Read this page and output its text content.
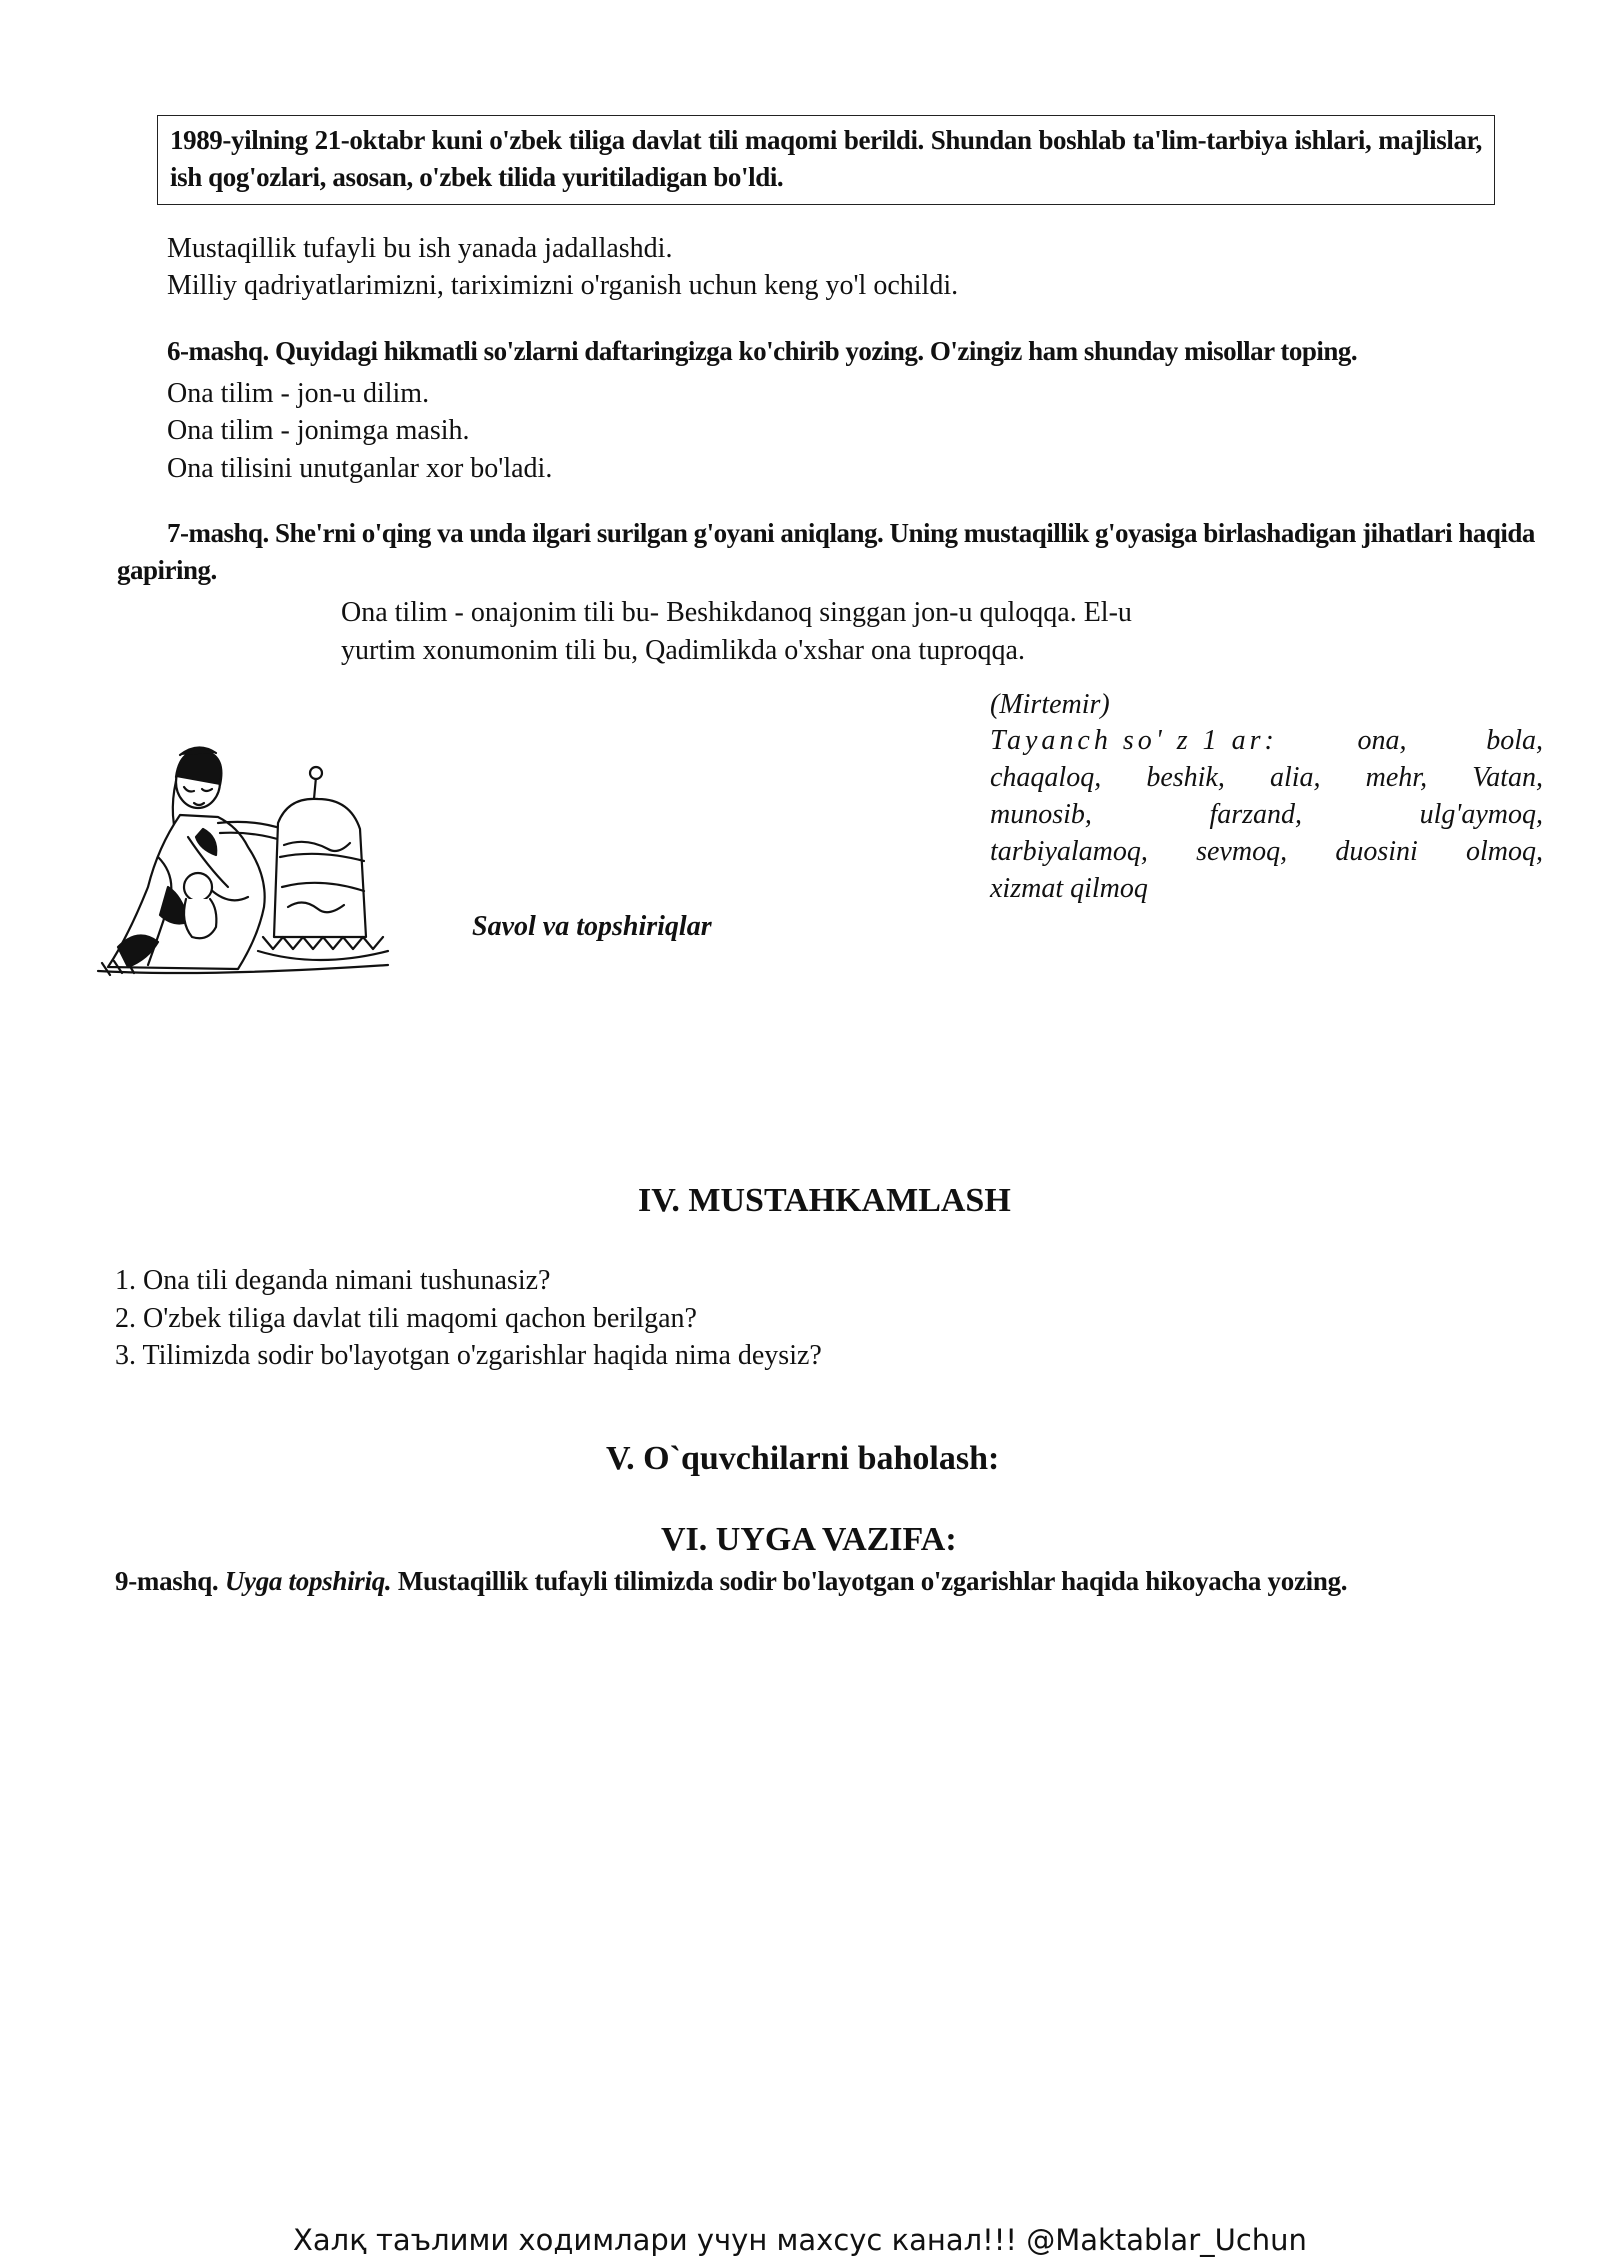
1989-yilning 21-oktabr kuni o'zbek tiliga davlat tili maqomi berildi. Shundan boshlab ta'lim-tarbiya ishlari, majlislar, ish qog'ozlari, asosan, o'zbek tilida yuritiladigan bo'ldi.
Mustaqillik tufayli bu ish yanada jadallashdi.
Milliy qadriyatlarimizni, tariximizni o'rganish uchun keng yo'l ochildi.
6-mashq. Quyidagi hikmatli so'zlarni daftaringizga ko'chirib yozing. O'zingiz ham shunday misollar toping.
Ona tilim - jon-u dilim.
Ona tilim - jonimga masih.
Ona tilisini unutganlar xor bo'ladi.
7-mashq. She'rni o'qing va unda ilgari surilgan g'oyani aniqlang. Uning mustaqillik g'oyasiga birlashadigan jihatlari haqida gapiring.
Ona tilim - onajonim tili bu- Beshikdanoq singgan jon-u quloqqa. El-u
yurtim xonumonim tili bu, Qadimlikda o'xshar ona tuproqqa.
(Mirtemir)
Tayanch so' z 1 ar:	ona,	bola,
chaqaloq, beshik, alia, mehr, Vatan,
munosib,	farzand,	ulg'aymoq,
tarbiyalamoq, sevmoq, duosini olmoq,
xizmat qilmoq
Savol va topshiriqlar
IV. MUSTAHKAMLASH
1. Ona tili deganda nimani tushunasiz?
2. O'zbek tiliga davlat tili maqomi qachon berilgan?
3. Tilimizda sodir bo'layotgan o'zgarishlar haqida nima deysiz?
V. O`quvchilarni baholash:
VI. UYGA VAZIFA:
9-mashq. Uyga topshiriq. Mustaqillik tufayli tilimizda sodir bo'layotgan o'zgarishlar haqida hikoyacha yozing.
Халқ таълими ходимлари учун махсус канал!!! @Maktablar_Uchun
